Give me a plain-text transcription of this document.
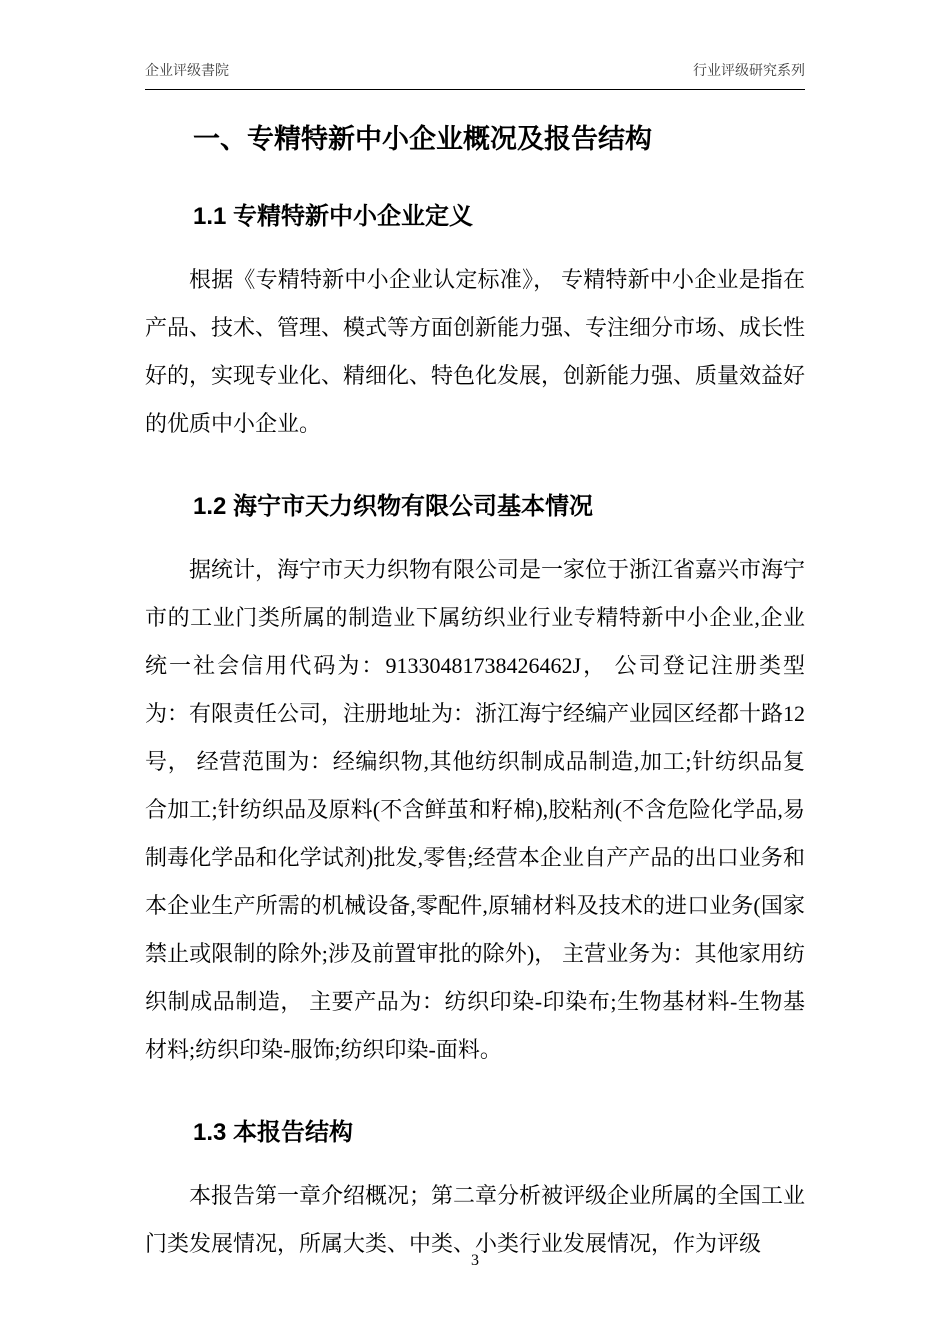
企业评级書院	行业评级研究系列
一、专精特新中小企业概况及报告结构
1.1 专精特新中小企业定义

根据《专精特新中小企业认定标准》， 专精特新中小企业是指在产品、技术、管理、模式等方面创新能力强、专注细分市场、成长性好的，实现专业化、精细化、特色化发展，创新能力强、质量效益好的优质中小企业。

1.2 海宁市天力织物有限公司基本情况

据统计，海宁市天力织物有限公司是一家位于浙江省嘉兴市海宁市的工业门类所属的制造业下属纺织业行业专精特新中小企业,企业统一社会信用代码为：91330481738426462J， 公司登记注册类型为：有限责任公司，注册地址为：浙江海宁经编产业园区经都十路12 号， 经营范围为：经编织物,其他纺织制成品制造,加工;针纺织品复合加工;针纺织品及原料(不含鲜茧和籽棉),胶粘剂(不含危险化学品,易制毒化学品和化学试剂)批发,零售;经营本企业自产产品的出口业务和本企业生产所需的机械设备,零配件,原辅材料及技术的进口业务(国家禁止或限制的除外;涉及前置审批的除外)， 主营业务为：其他家用纺织制成品制造， 主要产品为：纺织印染-印染布;生物基材料-生物基材料;纺织印染-服饰;纺织印染-面料。

1.3 本报告结构

本报告第一章介绍概况；第二章分析被评级企业所属的全国工业门类发展情况，所属大类、中类、小类行业发展情况，作为评级

3
